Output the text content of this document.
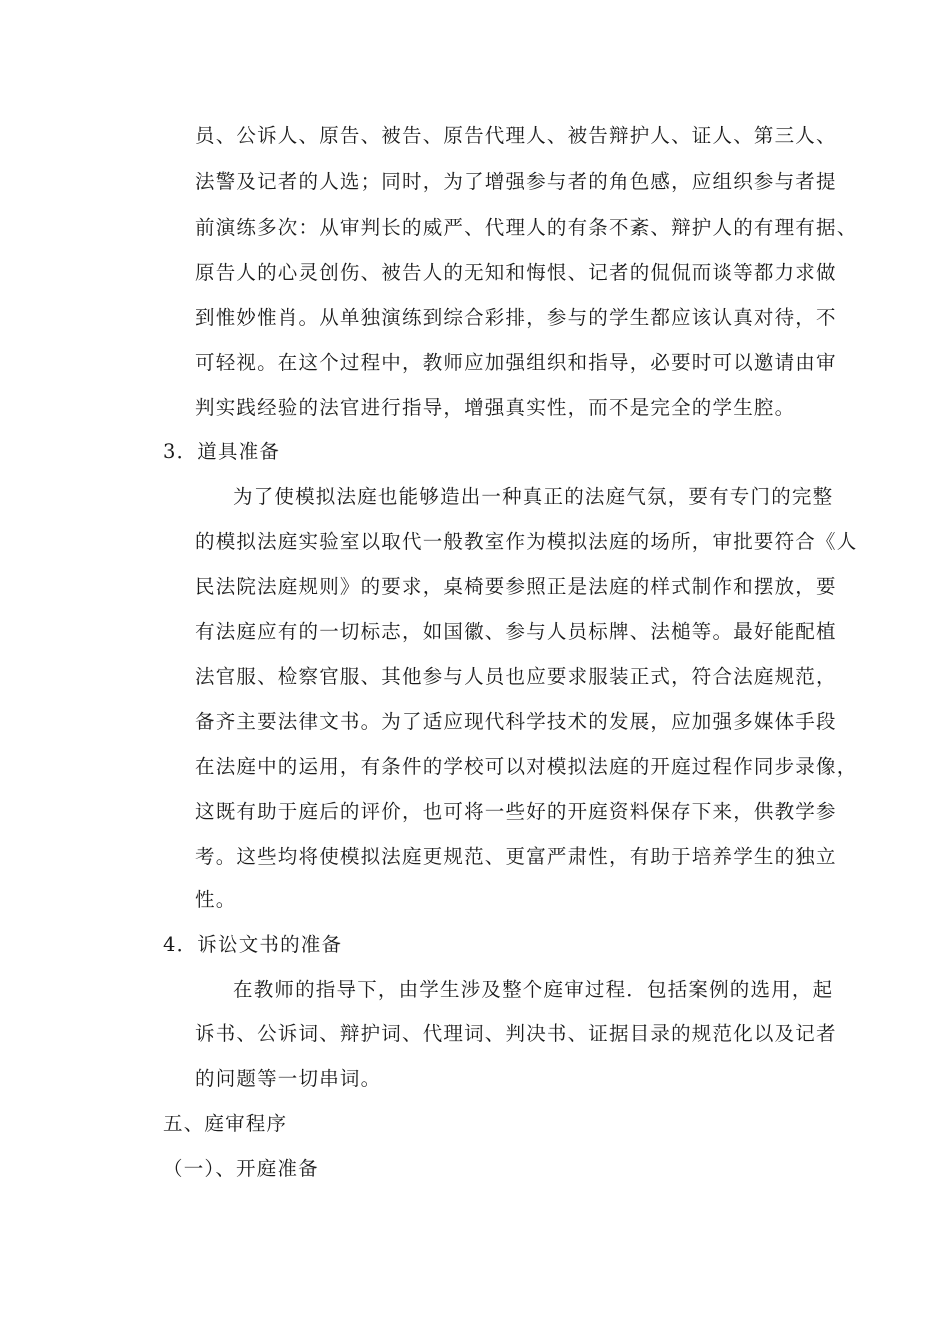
员、公诉人、原告、被告、原告代理人、被告辩护人、证人、第三人、
法警及记者的人选；同时，为了增强参与者的角色感，应组织参与者提
前演练多次：从审判长的威严、代理人的有条不紊、辩护人的有理有据、
原告人的心灵创伤、被告人的无知和悔恨、记者的侃侃而谈等都力求做
到惟妙惟肖。从单独演练到综合彩排，参与的学生都应该认真对待，不
可轻视。在这个过程中，教师应加强组织和指导，必要时可以邀请由审
判实践经验的法官进行指导，增强真实性，而不是完全的学生腔。
3．道具准备
为了使模拟法庭也能够造出一种真正的法庭气氛，要有专门的完整
的模拟法庭实验室以取代一般教室作为模拟法庭的场所，审批要符合《人
民法院法庭规则》的要求，桌椅要参照正是法庭的样式制作和摆放，要
有法庭应有的一切标志，如国徽、参与人员标牌、法槌等。最好能配植
法官服、检察官服、其他参与人员也应要求服装正式，符合法庭规范，
备齐主要法律文书。为了适应现代科学技术的发展，应加强多媒体手段
在法庭中的运用，有条件的学校可以对模拟法庭的开庭过程作同步录像，
这既有助于庭后的评价，也可将一些好的开庭资料保存下来，供教学参
考。这些均将使模拟法庭更规范、更富严肃性，有助于培养学生的独立
性。
4．诉讼文书的准备
在教师的指导下，由学生涉及整个庭审过程．包括案例的选用，起
诉书、公诉词、辩护词、代理词、判决书、证据目录的规范化以及记者
的问题等一切串词。
五、庭审程序
（一）、开庭准备
